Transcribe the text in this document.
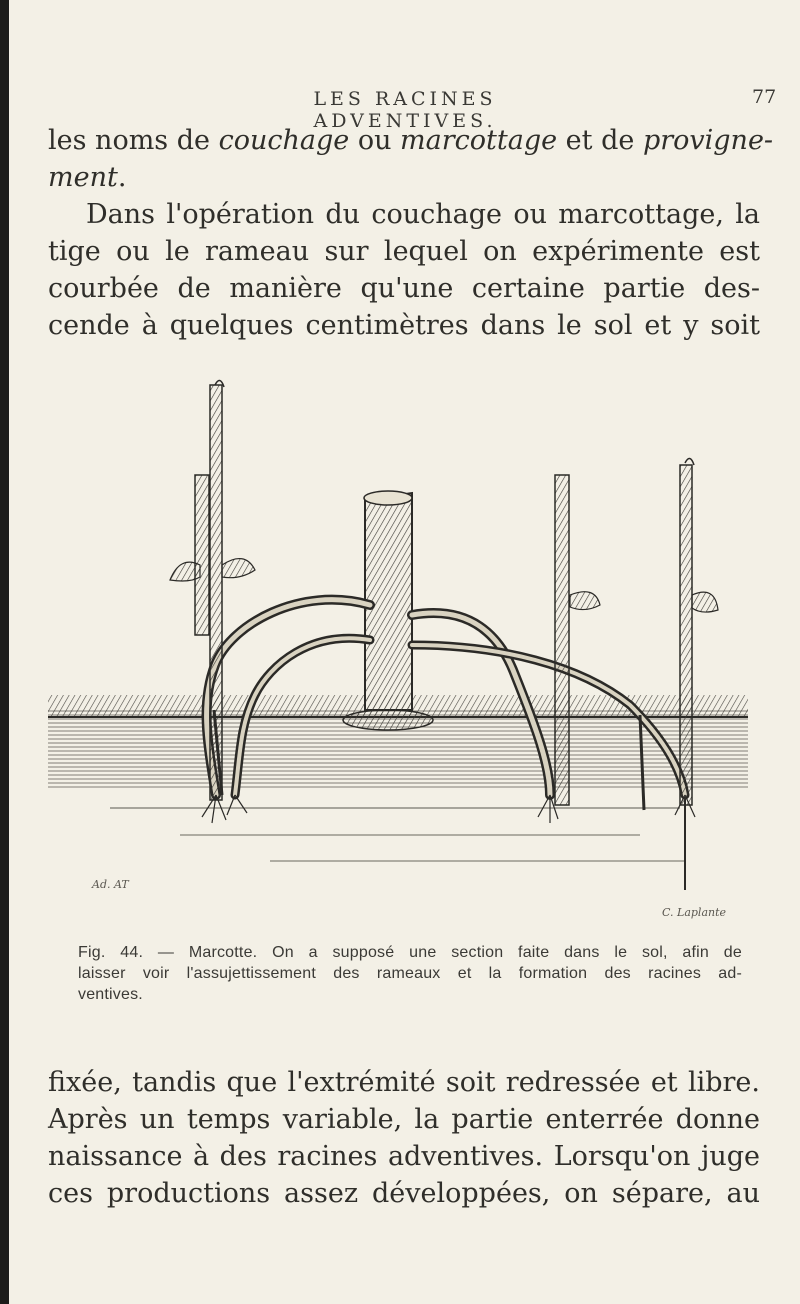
LES RACINES ADVENTIVES.
77
les noms de couchage ou marcottage et de provigne-
ment.
Dans l'opération du couchage ou marcottage, la
tige ou le rameau sur lequel on expérimente est
courbée de manière qu'une certaine partie des-
cende à quelques centimètres dans le sol et y soit
Ad. AT
C. Laplante
Fig. 44. — Marcotte. On a supposé une section faite dans le sol, afin de
laisser voir l'assujettissement des rameaux et la formation des racines ad-
ventives.
fixée, tandis que l'extrémité soit redressée et libre.
Après un temps variable, la partie enterrée donne
naissance à des racines adventives. Lorsqu'on juge
ces productions assez développées, on sépare, au
